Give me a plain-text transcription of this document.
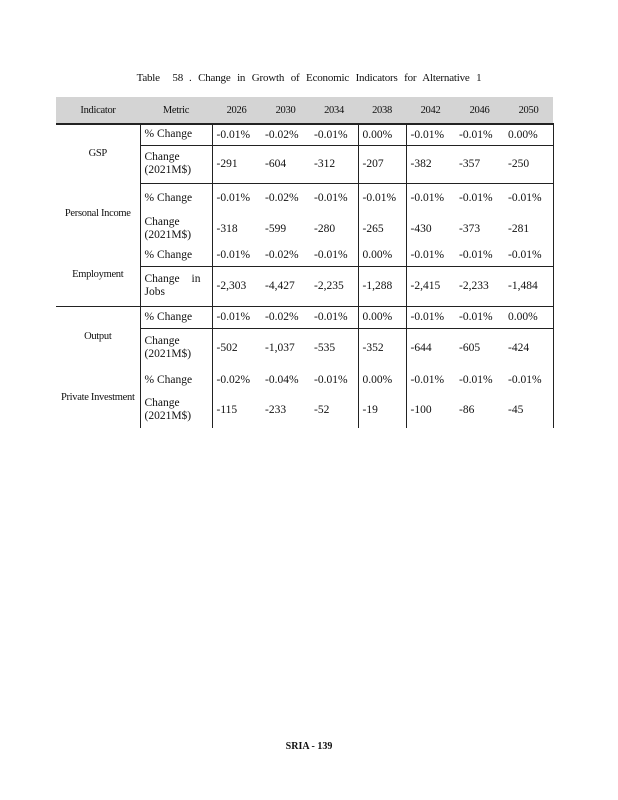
Table 58 . Change in Growth of Economic Indicators for Alternative 1
Indicator	Metric	2026	2030	2034	2038	2042	2046	2050
GSP	% Change	-0.01%	-0.02%	-0.01%	0.00%	-0.01%	-0.01%	0.00%
	Change (2021M$)	-291	-604	-312	-207	-382	-357	-250
Personal Income	% Change	-0.01%	-0.02%	-0.01%	-0.01%	-0.01%	-0.01%	-0.01%
	Change (2021M$)	-318	-599	-280	-265	-430	-373	-281
Employment	% Change	-0.01%	-0.02%	-0.01%	0.00%	-0.01%	-0.01%	-0.01%

	Change in Jobs	-2,303	-4,427	-2,235	-1,288	-2,415	-2,233	-1,484
Output	% Change	-0.01%	-0.02%	-0.01%	0.00%	-0.01%	-0.01%	0.00%
	Change (2021M$)	-502	-1,037	-535	-352	-644	-605	-424
Private Investment	% Change	-0.02%	-0.04%	-0.01%	0.00%	-0.01%	-0.01%	-0.01%
	Change (2021M$)	-115	-233	-52	-19	-100	-86	-45
SRIA - 139
